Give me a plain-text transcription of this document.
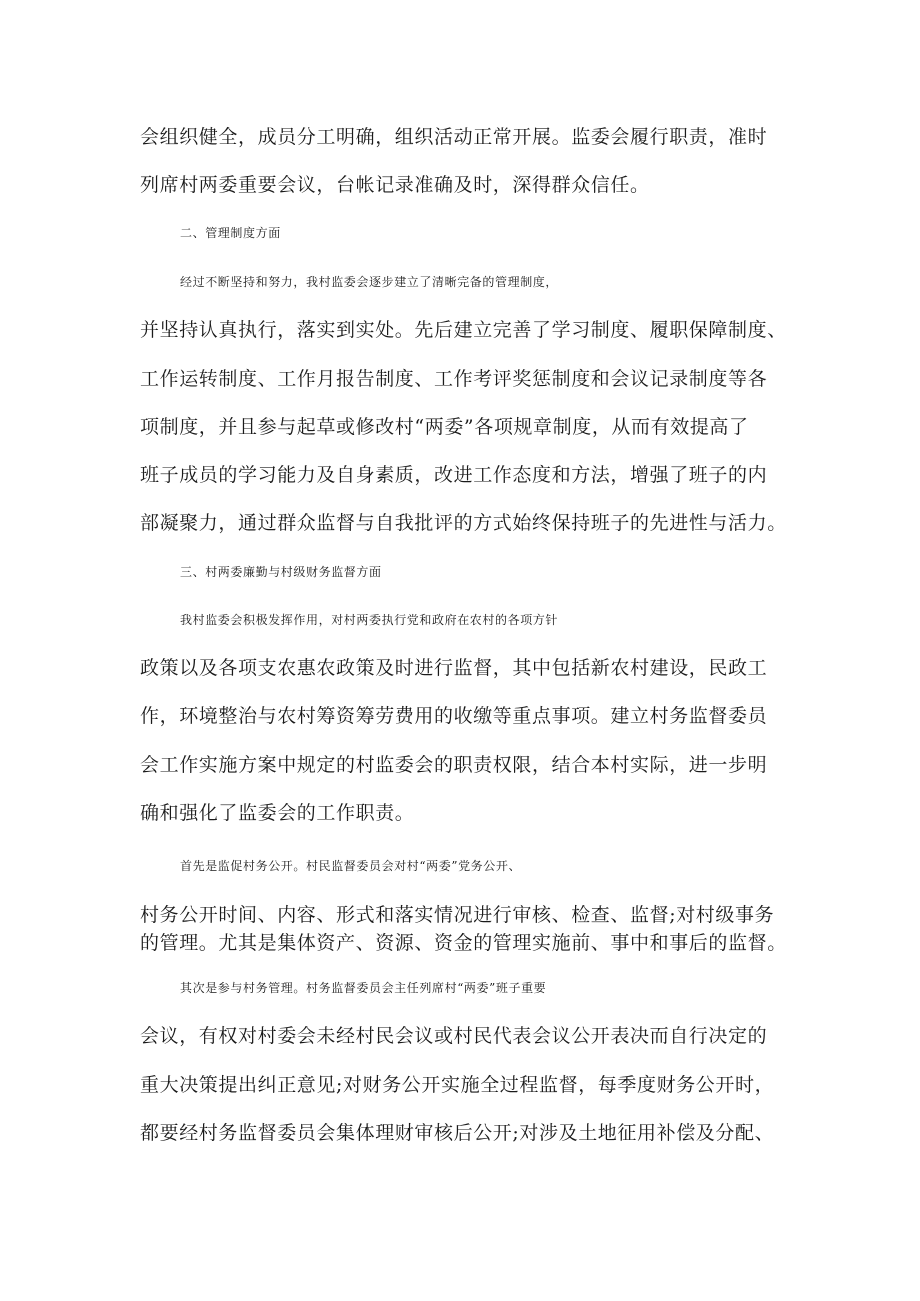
会组织健全，成员分工明确，组织活动正常开展。监委会履行职责，准时
列席村两委重要会议，台帐记录准确及时，深得群众信任。
二、管理制度方面
经过不断坚持和努力，我村监委会逐步建立了清晰完备的管理制度，
并坚持认真执行，落实到实处。先后建立完善了学习制度、履职保障制度、
工作运转制度、工作月报告制度、工作考评奖惩制度和会议记录制度等各
项制度，并且参与起草或修改村“两委”各项规章制度，从而有效提高了
班子成员的学习能力及自身素质，改进工作态度和方法，增强了班子的内
部凝聚力，通过群众监督与自我批评的方式始终保持班子的先进性与活力。
三、村两委廉勤与村级财务监督方面
我村监委会积极发挥作用，对村两委执行党和政府在农村的各项方针
政策以及各项支农惠农政策及时进行监督，其中包括新农村建设，民政工
作，环境整治与农村筹资筹劳费用的收缴等重点事项。建立村务监督委员
会工作实施方案中规定的村监委会的职责权限，结合本村实际，进一步明
确和强化了监委会的工作职责。
首先是监促村务公开。村民监督委员会对村“两委”党务公开、
村务公开时间、内容、形式和落实情况进行审核、检查、监督;对村级事务
的管理。尤其是集体资产、资源、资金的管理实施前、事中和事后的监督。
其次是参与村务管理。村务监督委员会主任列席村“两委”班子重要
会议，有权对村委会未经村民会议或村民代表会议公开表决而自行决定的
重大决策提出纠正意见;对财务公开实施全过程监督，每季度财务公开时，
都要经村务监督委员会集体理财审核后公开;对涉及土地征用补偿及分配、
